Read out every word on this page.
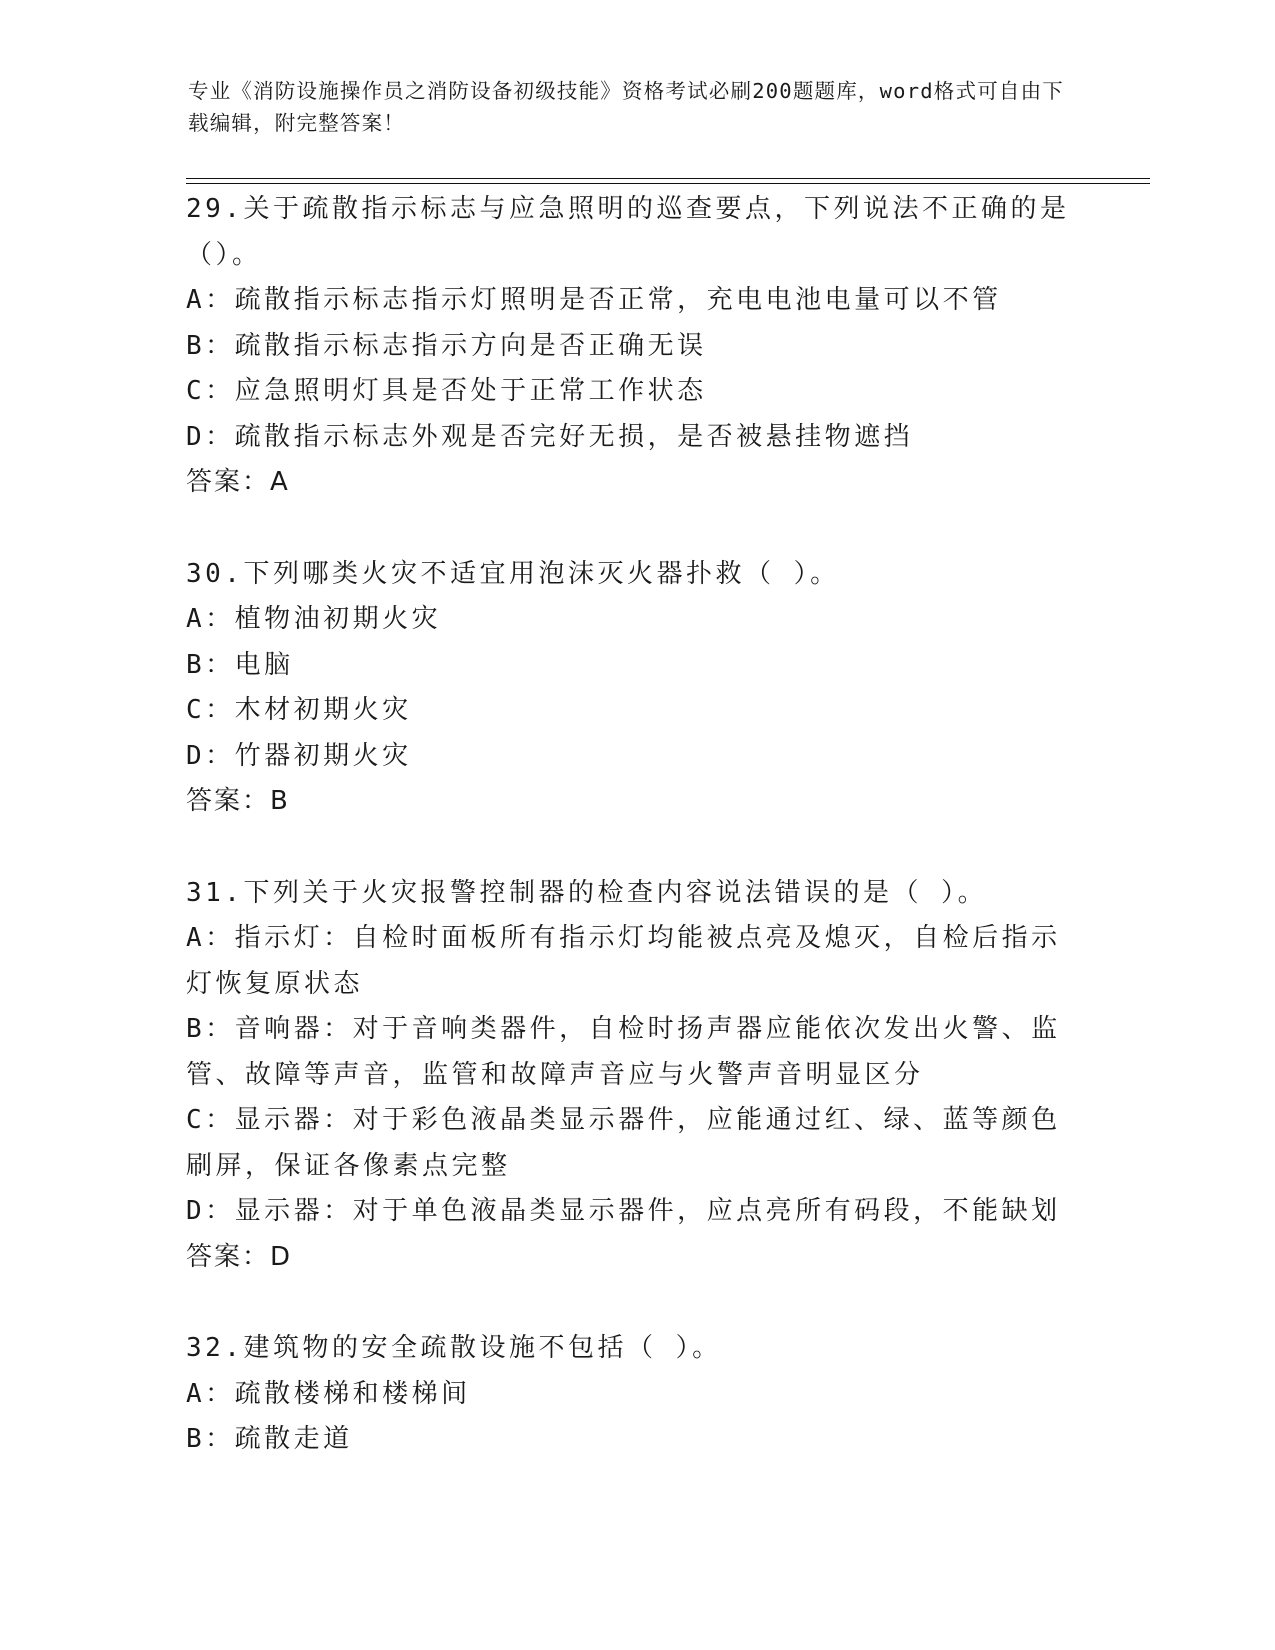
专业《消防设施操作员之消防设备初级技能》资格考试必刷200题题库，word格式可自由下载编辑，附完整答案！
29.关于疏散指示标志与应急照明的巡查要点，下列说法不正确的是（）。
A：疏散指示标志指示灯照明是否正常，充电电池电量可以不管
B：疏散指示标志指示方向是否正确无误
C：应急照明灯具是否处于正常工作状态
D：疏散指示标志外观是否完好无损，是否被悬挂物遮挡
答案：A
30.下列哪类火灾不适宜用泡沫灭火器扑救（ ）。
A：植物油初期火灾
B：电脑
C：木材初期火灾
D：竹器初期火灾
答案：B
31.下列关于火灾报警控制器的检查内容说法错误的是（ ）。
A：指示灯：自检时面板所有指示灯均能被点亮及熄灭，自检后指示灯恢复原状态
B：音响器：对于音响类器件，自检时扬声器应能依次发出火警、监管、故障等声音，监管和故障声音应与火警声音明显区分
C：显示器：对于彩色液晶类显示器件，应能通过红、绿、蓝等颜色刷屏，保证各像素点完整
D：显示器：对于单色液晶类显示器件，应点亮所有码段，不能缺划
答案：D
32.建筑物的安全疏散设施不包括（ ）。
A：疏散楼梯和楼梯间
B：疏散走道
